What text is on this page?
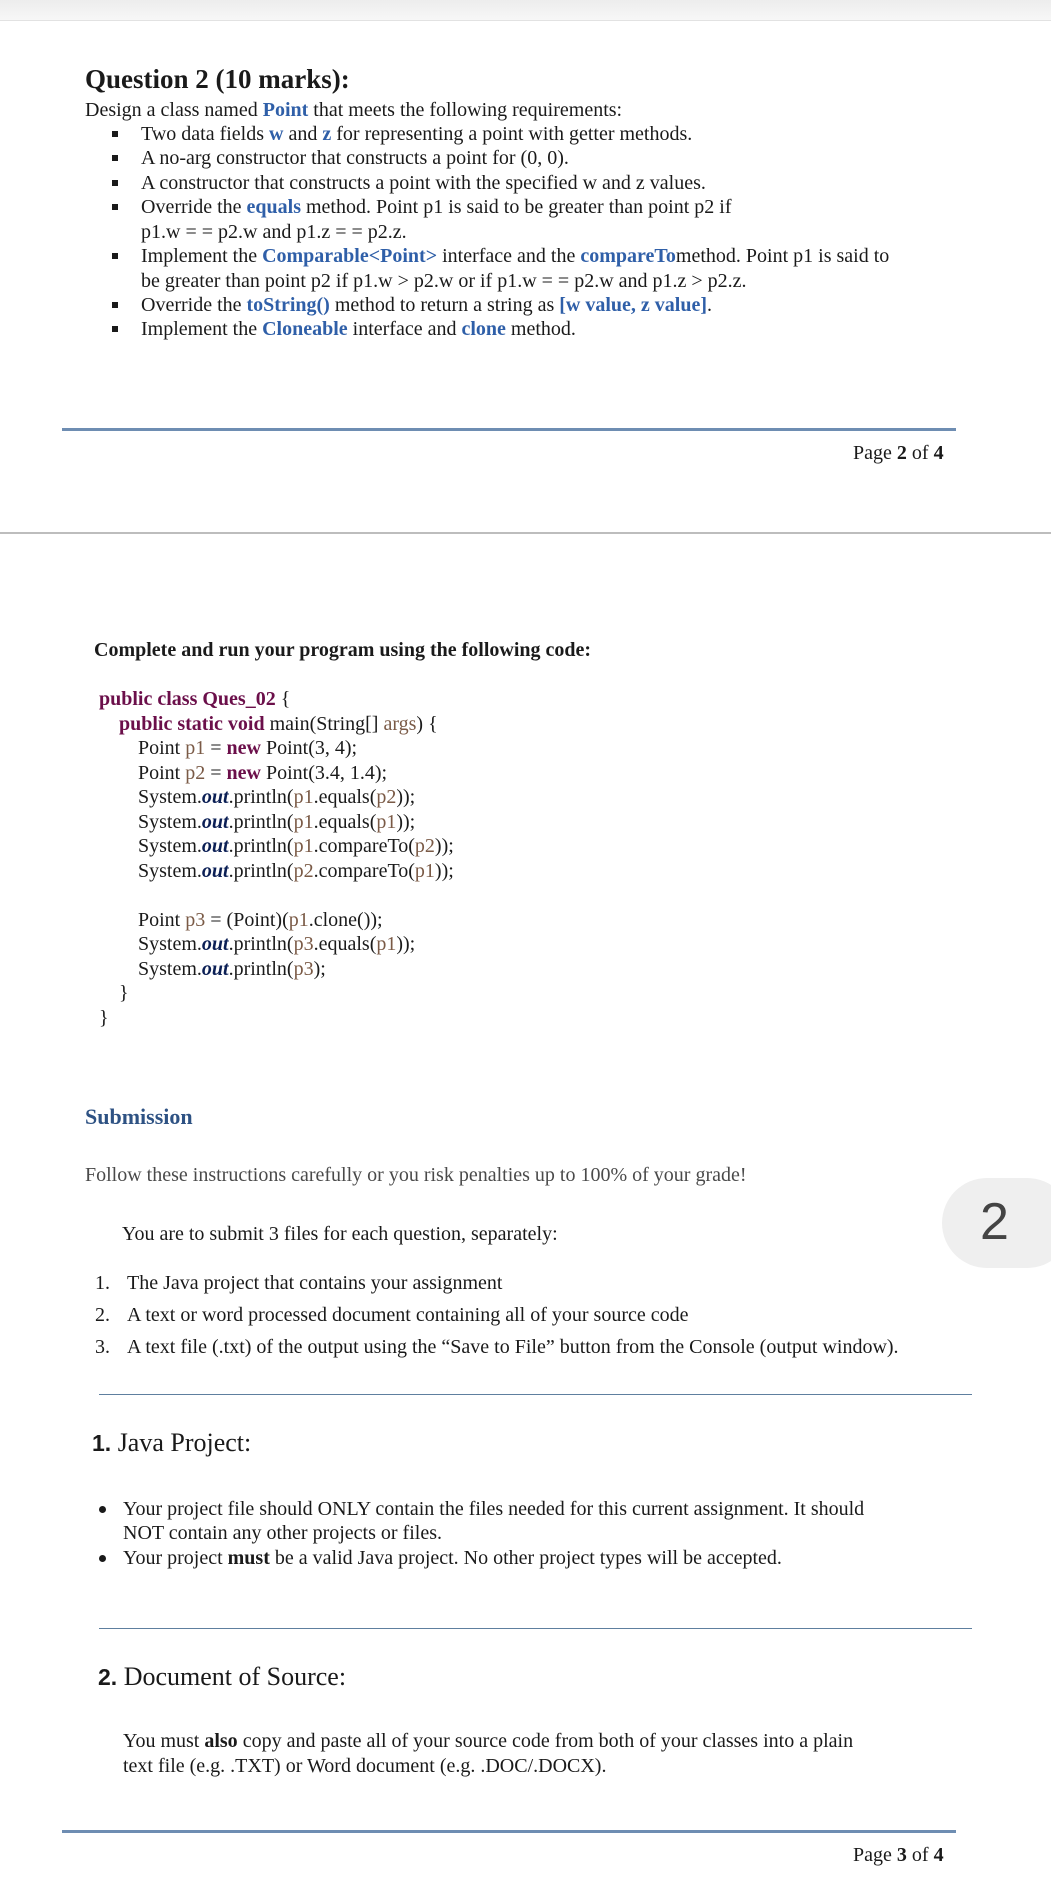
Question 2 (10 marks):
Design a class named Point that meets the following requirements:
Two data fields w and z for representing a point with getter methods.
A no-arg constructor that constructs a point for (0, 0).
A constructor that constructs a point with the specified w and z values.
Override the equals method. Point p1 is said to be greater than point p2 if
p1.w = = p2.w and p1.z = = p2.z.
Implement the Comparable<Point> interface and the compareTomethod. Point p1 is said to
be greater than point p2 if p1.w > p2.w or if p1.w = = p2.w and p1.z > p2.z.
Override the toString() method to return a string as [w value, z value].
Implement the Cloneable interface and clone method.
Page 2 of 4
Complete and run your program using the following code:
public class Ques_02 {
public static void main(String[] args) {
Point p1 = new Point(3, 4);
Point p2 = new Point(3.4, 1.4);
System.out.println(p1.equals(p2));
System.out.println(p1.equals(p1));
System.out.println(p1.compareTo(p2));
System.out.println(p2.compareTo(p1));
Point p3 = (Point)(p1.clone());
System.out.println(p3.equals(p1));
System.out.println(p3);
}
}
Submission
Follow these instructions carefully or you risk penalties up to 100% of your grade!
You are to submit 3 files for each question, separately:
1. The Java project that contains your assignment
2. A text or word processed document containing all of your source code
3. A text file (.txt) of the output using the “Save to File” button from the Console (output window).
1. Java Project:
Your project file should ONLY contain the files needed for this current assignment. It should
NOT contain any other projects or files.
Your project must be a valid Java project. No other project types will be accepted.
2. Document of Source:
You must also copy and paste all of your source code from both of your classes into a plain
text file (e.g. .TXT) or Word document (e.g. .DOC/.DOCX).
Page 3 of 4
2
